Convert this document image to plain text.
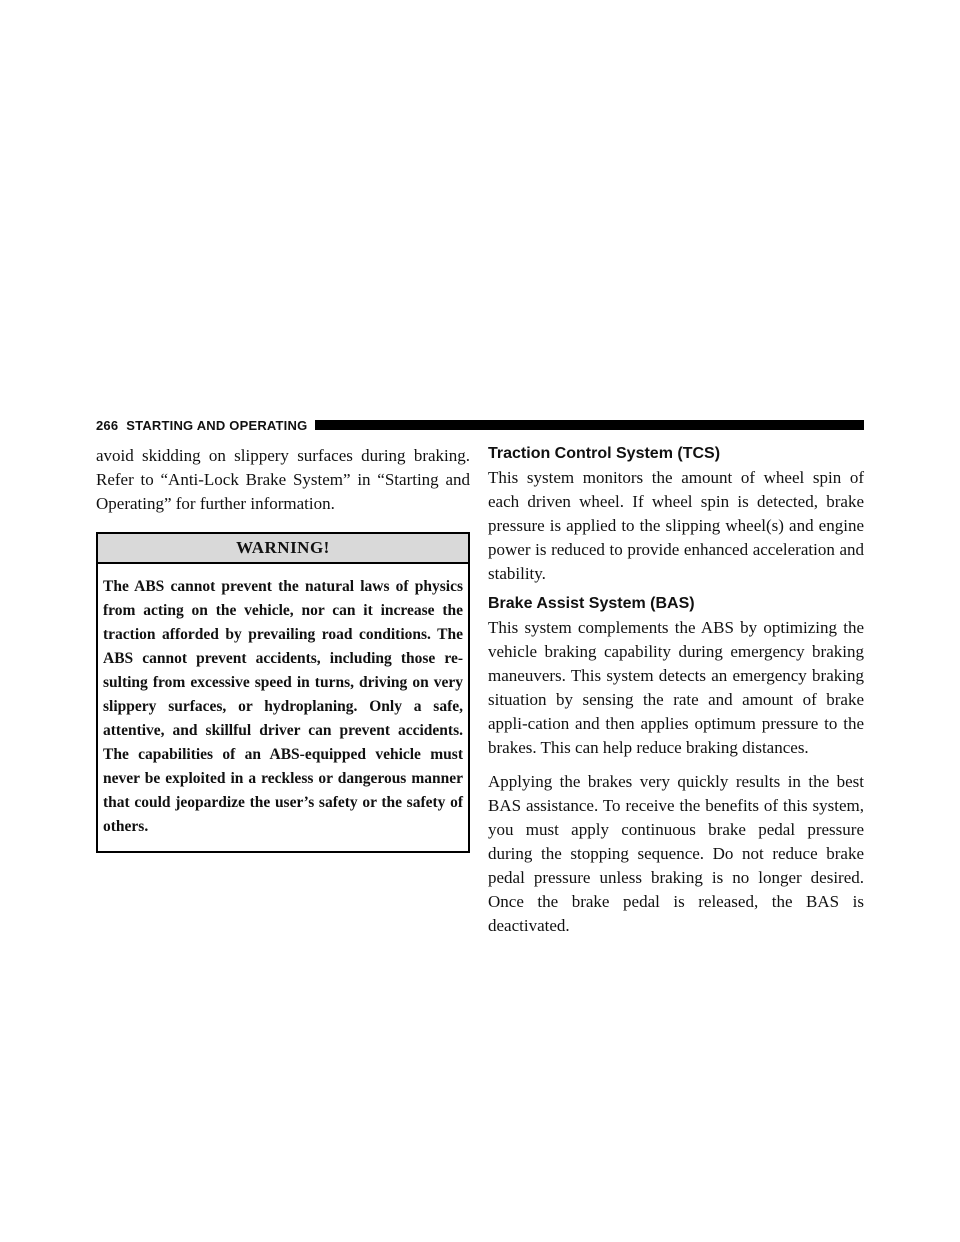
266 STARTING AND OPERATING

avoid skidding on slippery surfaces during braking. Refer to “Anti-Lock Brake System” in “Starting and Operating” for further information.

WARNING!
The ABS cannot prevent the natural laws of physics from acting on the vehicle, nor can it increase the traction afforded by prevailing road conditions. The ABS cannot prevent accidents, including those re-sulting from excessive speed in turns, driving on very slippery surfaces, or hydroplaning. Only a safe, attentive, and skillful driver can prevent accidents. The capabilities of an ABS-equipped vehicle must never be exploited in a reckless or dangerous manner that could jeopardize the user’s safety or the safety of others.
Traction Control System (TCS)

This system monitors the amount of wheel spin of each driven wheel. If wheel spin is detected, brake pressure is applied to the slipping wheel(s) and engine power is reduced to provide enhanced acceleration and stability.

Brake Assist System (BAS)

This system complements the ABS by optimizing the vehicle braking capability during emergency braking maneuvers. This system detects an emergency braking situation by sensing the rate and amount of brake appli-cation and then applies optimum pressure to the brakes. This can help reduce braking distances.

Applying the brakes very quickly results in the best BAS assistance. To receive the benefits of this system, you must apply continuous brake pedal pressure during the stopping sequence. Do not reduce brake pedal pressure unless braking is no longer desired. Once the brake pedal is released, the BAS is deactivated.
